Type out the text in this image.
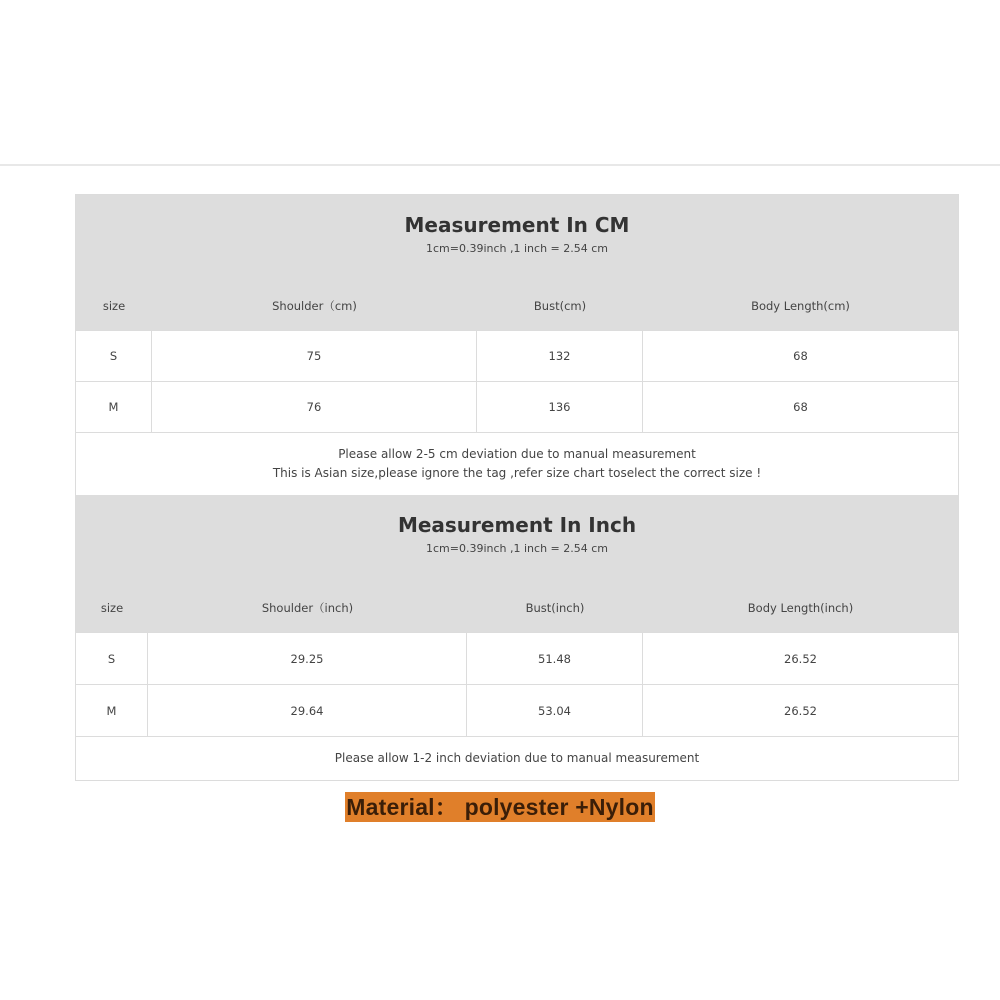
Measurement In CM
1cm=0.39inch ,1 inch = 2.54 cm
size	Shoulder（cm)	Bust(cm)	Body Length(cm)
S	75	132	68
M	76	136	68
Please allow 2-5 cm deviation due to manual measurement
This is Asian size,please ignore the tag ,refer size chart toselect the correct size !
Measurement In Inch
1cm=0.39inch ,1 inch = 2.54 cm
size	Shoulder（inch)	Bust(inch)	Body Length(inch)
S	29.25	51.48	26.52
M	29.64	53.04	26.52
Please allow 1-2 inch deviation due to manual measurement
Material： polyester +Nylon
